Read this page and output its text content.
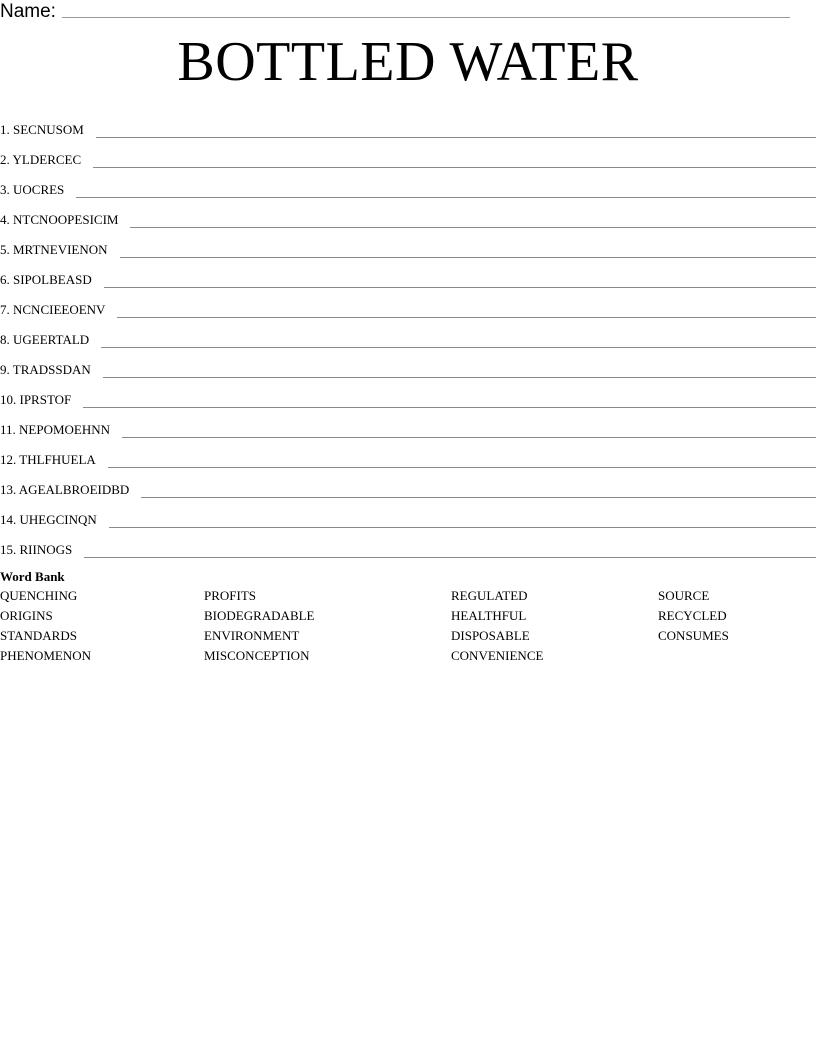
Name:
BOTTLED WATER
1. SECNUSOM
2. YLDERCEC
3. UOCRES
4. NTCNOOPESICIM
5. MRTNEVIENON
6. SIPOLBEASD
7. NCNCIEEOENV
8. UGEERTALD
9. TRADSSDAN
10. IPRSTOF
11. NEPOMOEHNN
12. THLFHUELA
13. AGEALBROEIDBD
14. UHEGCINQN
15. RIINOGS
Word Bank
QUENCHING
ORIGINS
STANDARDS
PHENOMENON
PROFITS
BIODEGRADABLE
ENVIRONMENT
MISCONCEPTION
REGULATED
HEALTHFUL
DISPOSABLE
CONVENIENCE
SOURCE
RECYCLED
CONSUMES
